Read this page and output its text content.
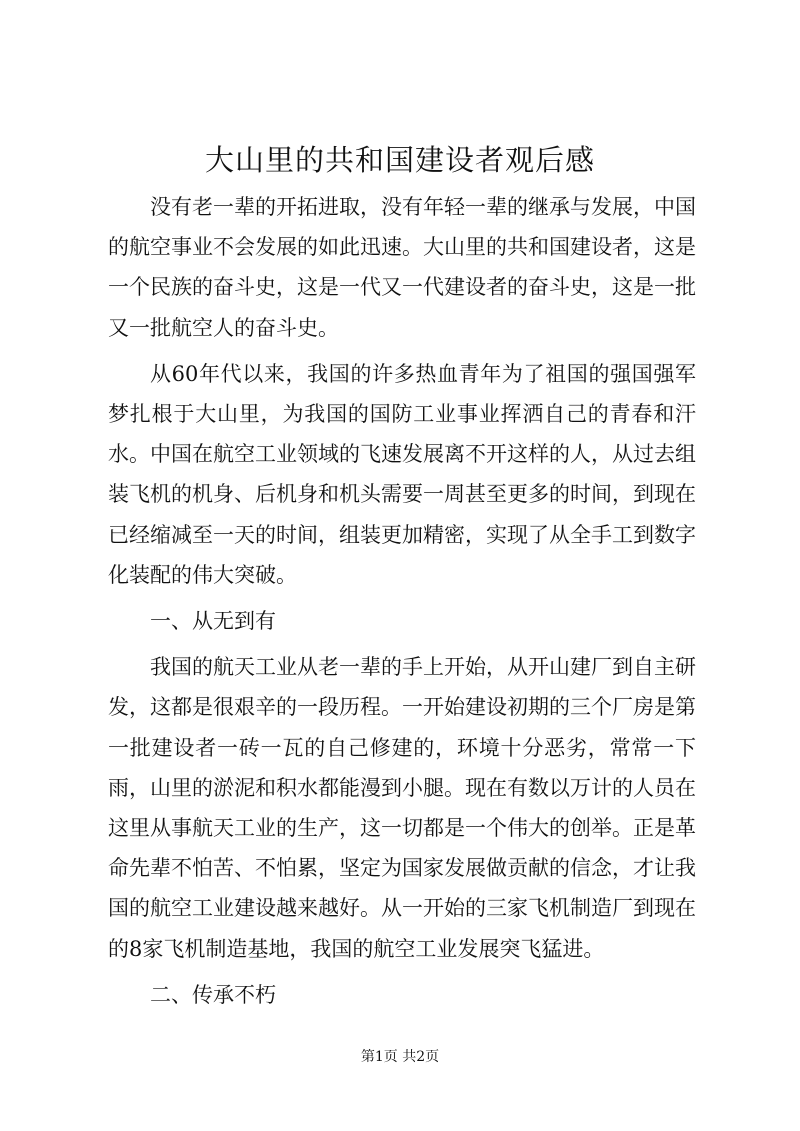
大山里的共和国建设者观后感

没有老一辈的开拓进取，没有年轻一辈的继承与发展，中国的航空事业不会发展的如此迅速。大山里的共和国建设者，这是一个民族的奋斗史，这是一代又一代建设者的奋斗史，这是一批又一批航空人的奋斗史。

从60年代以来，我国的许多热血青年为了祖国的强国强军梦扎根于大山里，为我国的国防工业事业挥洒自己的青春和汗水。中国在航空工业领域的飞速发展离不开这样的人，从过去组装飞机的机身、后机身和机头需要一周甚至更多的时间，到现在已经缩减至一天的时间，组装更加精密，实现了从全手工到数字化装配的伟大突破。

一、从无到有

我国的航天工业从老一辈的手上开始，从开山建厂到自主研发，这都是很艰辛的一段历程。一开始建设初期的三个厂房是第一批建设者一砖一瓦的自己修建的，环境十分恶劣，常常一下雨，山里的淤泥和积水都能漫到小腿。现在有数以万计的人员在这里从事航天工业的生产，这一切都是一个伟大的创举。正是革命先辈不怕苦、不怕累，坚定为国家发展做贡献的信念，才让我国的航空工业建设越来越好。从一开始的三家飞机制造厂到现在的8家飞机制造基地，我国的航空工业发展突飞猛进。

二、传承不朽

第1页 共2页
